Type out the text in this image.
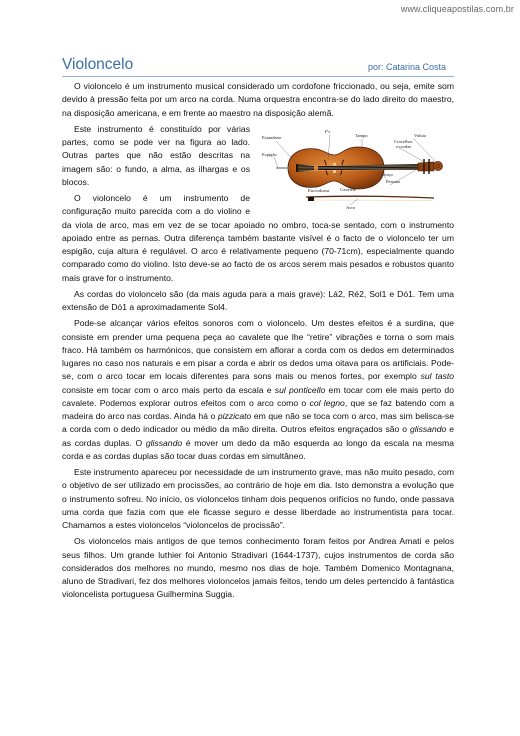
www.cliqueapostilas.com.br
Violoncelo	por: Catarina Costa

O violoncelo é um instrumento musical considerado um cordofone friccionado, ou seja, emite som devido à pressão feita por um arco na corda. Numa orquestra encontra-se do lado direito do maestro, na disposição americana, e em frente ao maestro na disposição alemã.

F's
Tampo	Voluta
Estandarte
Cravelhas
e cordas
Espigão
Braço
Pestana
Cavalete
Encordoara
Arco

Este instrumento é constituído por várias partes, como se pode ver na figura ao lado. Outras partes que não estão descritas na imagem são: o fundo, a alma, as ilhargas e os blocos.

O violoncelo é um instrumento de configuração muito parecida com a do violino e da viola de arco, mas em vez de se tocar apoiado no ombro, toca-se sentado, com o instrumento apoiado entre as pernas. Outra diferença também bastante visível é o facto de o violoncelo ter um espigão, cuja altura é regulável. O arco é relativamente pequeno (70-71cm), especialmente quando comparado como do violino. Isto deve-se ao facto de os arcos serem mais pesados e robustos quanto mais grave for o instrumento.

As cordas do violoncelo são (da mais aguda para a mais grave): Lá2, Ré2, Sol1 e Dó1. Tem uma extensão de Dó1 a aproximadamente Sol4.

Pode-se alcançar vários efeitos sonoros com o violoncelo. Um destes efeitos é a surdina, que consiste em prender uma pequena peça ao cavalete que lhe “retire” vibrações e torna o som mais fraco. Há também os harmónicos, que consistem em aflorar a corda com os dedos em determinados lugares no caso nos naturais e em pisar a corda e abrir os dedos uma oitava para os artificiais. Pode-se, com o arco tocar em locais diferentes para sons mais ou menos fortes, por exemplo sul tasto consiste em tocar com o arco mais perto da escala e sul ponticello em tocar com ele mais perto do cavalete. Podemos explorar outros efeitos com o arco como o col legno, que se faz batendo com a madeira do arco nas cordas. Ainda há o pizzicato em que não se toca com o arco, mas sim belisca-se a corda com o dedo indicador ou médio da mão direita. Outros efeitos engraçados são o glissando e as cordas duplas. O glissando é mover um dedo da mão esquerda ao longo da escala na mesma corda e as cordas duplas são tocar duas cordas em simultâneo.

Este instrumento apareceu por necessidade de um instrumento grave, mas não muito pesado, com o objetivo de ser utilizado em procissões, ao contrário de hoje em dia. Isto demonstra a evolução que o instrumento sofreu. No início, os violoncelos tinham dois pequenos orifícios no fundo, onde passava uma corda que fazia com que ele ficasse seguro e desse liberdade ao instrumentista para tocar. Chamamos a estes violoncelos “violoncelos de procissão”.

Os violoncelos mais antigos de que temos conhecimento foram feitos por Andrea Amati e pelos seus filhos. Um grande luthier foi Antonio Stradivari (1644-1737), cujos instrumentos de corda são considerados dos melhores no mundo, mesmo nos dias de hoje. Também Domenico Montagnana, aluno de Stradivari, fez dos melhores violoncelos jamais feitos, tendo um deles pertencido à fantástica violoncelista portuguesa Guilhermina Suggia.
